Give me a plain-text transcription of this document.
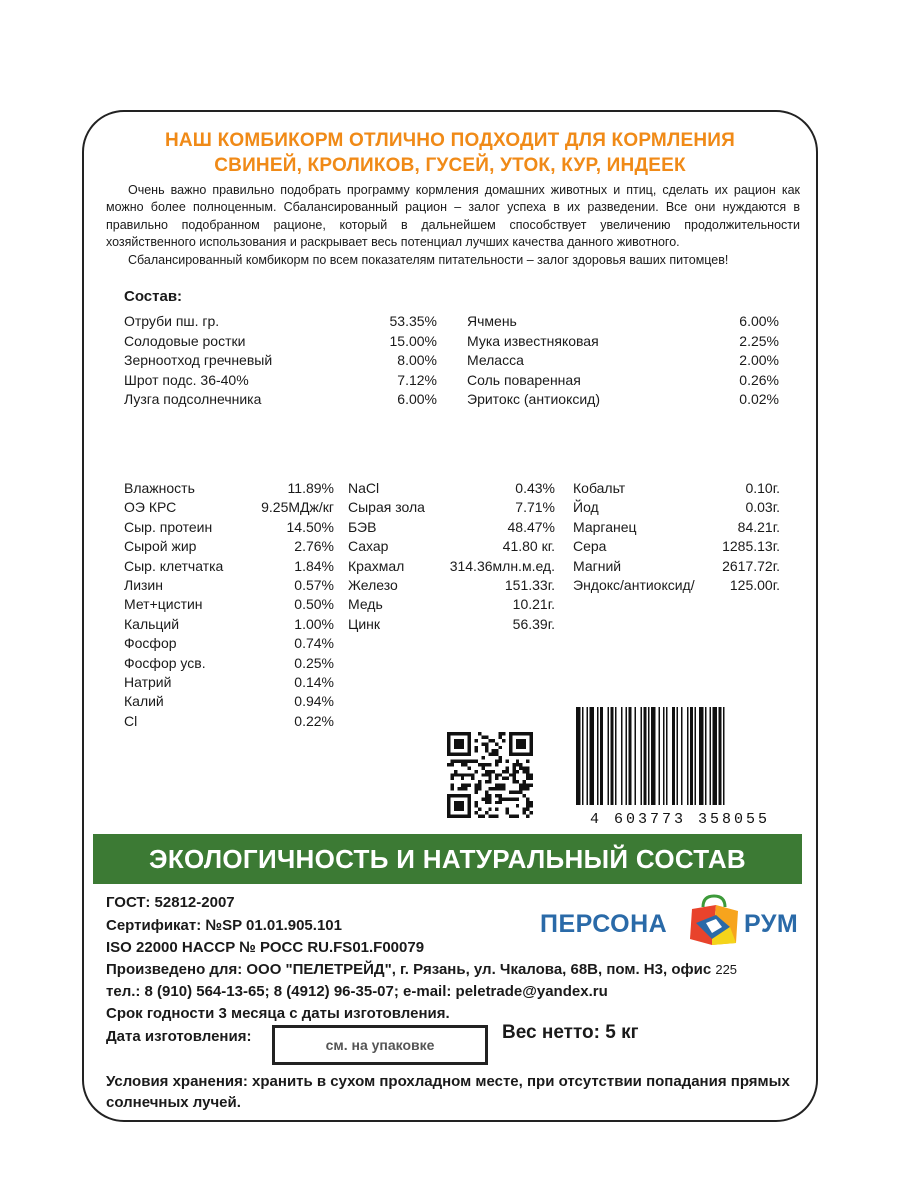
НАШ КОМБИКОРМ ОТЛИЧНО ПОДХОДИТ ДЛЯ КОРМЛЕНИЯ
СВИНЕЙ, КРОЛИКОВ, ГУСЕЙ, УТОК, КУР, ИНДЕЕК

Очень важно правильно подобрать программу кормления домашних животных и птиц, сделать их рацион как можно более полноценным. Сбалансированный рацион – залог успеха в их разведении. Все они нуждаются в правильно подобранном рационе, который в дальнейшем способствует увеличению продолжительности хозяйственного использования и раскрывает весь потенциал лучших качества данного животного.

Сбалансированный комбикорм по всем показателям питательности – залог здоровья ваших питомцев!

Состав:
Отруби пш. гр.	53.35%
Солодовые ростки	15.00%
Зерноотход гречневый	8.00%
Шрот подс. 36-40%	7.12%
Лузга подсолнечника	6.00%
Ячмень	6.00%
Мука известняковая	2.25%
Меласса	2.00%
Соль поваренная	0.26%
Эритокс (антиоксид)	0.02%
Влажность	11.89%
ОЭ КРС	9.25МДж/кг
Сыр. протеин	14.50%
Сырой жир	2.76%
Сыр. клетчатка	1.84%
Лизин	0.57%
Мет+цистин	0.50%
Кальций	1.00%
Фосфор	0.74%
Фосфор усв.	0.25%
Натрий	0.14%
Калий	0.94%
Cl	0.22%
NaCl	0.43%
Сырая зола	7.71%
БЭВ	48.47%
Сахар	41.80 кг.
Крахмал	314.36млн.м.ед.
Железо	151.33г.
Медь	10.21г.
Цинк	56.39г.
Кобальт	0.10г.
Йод	0.03г.
Марганец	84.21г.
Сера	1285.13г.
Магний	2617.72г.
Эндокс/антиоксид/	125.00г.
4 603773 358055
ЭКОЛОГИЧНОСТЬ И НАТУРАЛЬНЫЙ СОСТАВ
ГОСТ: 52812-2007
Сертификат: №SP 01.01.905.101
ISO 22000 HACCP № РОСС RU.FS01.F00079
Произведено для: ООО "ПЕЛЕТРЕЙД", г. Рязань, ул. Чкалова, 68В, пом. Н3, офис 225
тел.: 8 (910) 564-13-65; 8 (4912) 96-35-07; e-mail: peletrade@yandex.ru
Срок годности 3 месяца с даты изготовления.
Дата изготовления:	см. на упаковке
Вес нетто: 5 кг
ПЕРСОНА	РУМ
Условия хранения: хранить в сухом прохладном месте, при отсутствии попадания прямых солнечных лучей.
